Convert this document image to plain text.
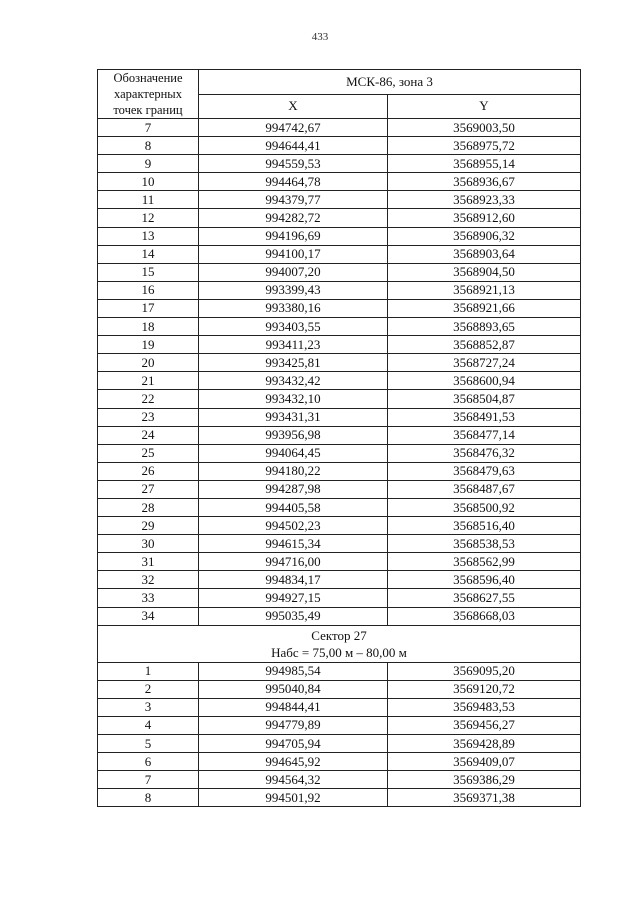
433
Обозначение характерных точек границ	МСК-86, зона 3	
	X	Y
7	994742,67	3569003,50
8	994644,41	3568975,72
9	994559,53	3568955,14
10	994464,78	3568936,67
11	994379,77	3568923,33
12	994282,72	3568912,60
13	994196,69	3568906,32
14	994100,17	3568903,64
15	994007,20	3568904,50
16	993399,43	3568921,13
17	993380,16	3568921,66
18	993403,55	3568893,65
19	993411,23	3568852,87
20	993425,81	3568727,24
21	993432,42	3568600,94
22	993432,10	3568504,87
23	993431,31	3568491,53
24	993956,98	3568477,14
25	994064,45	3568476,32
26	994180,22	3568479,63
27	994287,98	3568487,67
28	994405,58	3568500,92
29	994502,23	3568516,40
30	994615,34	3568538,53
31	994716,00	3568562,99
32	994834,17	3568596,40
33	994927,15	3568627,55
34	995035,49	3568668,03

Сектор 27
Набс = 75,00 м – 80,00 м		

1	994985,54	3569095,20
2	995040,84	3569120,72
3	994844,41	3569483,53
4	994779,89	3569456,27
5	994705,94	3569428,89
6	994645,92	3569409,07
7	994564,32	3569386,29
8	994501,92	3569371,38
